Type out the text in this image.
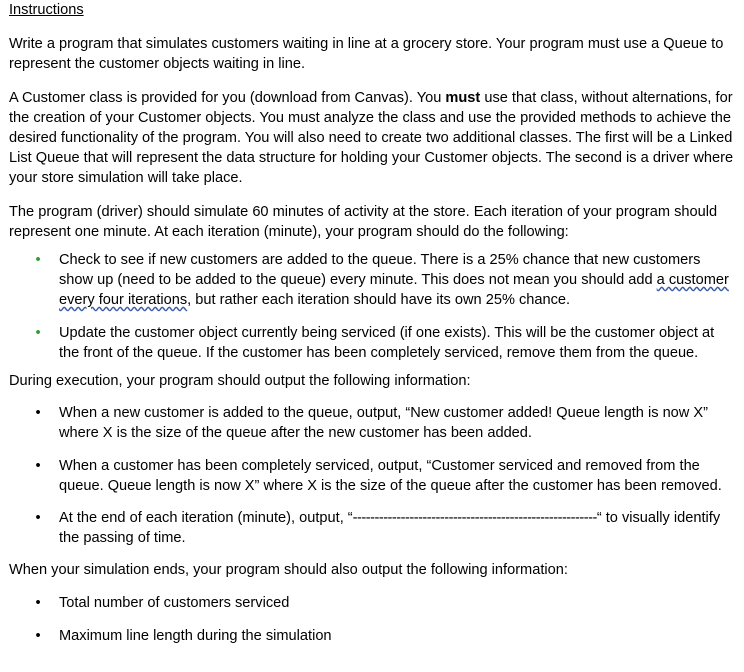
Instructions

Write a program that simulates customers waiting in line at a grocery store. Your program must use a Queue to represent the customer objects waiting in line.

A Customer class is provided for you (download from Canvas). You must use that class, without alternations, for the creation of your Customer objects. You must analyze the class and use the provided methods to achieve the desired functionality of the program. You will also need to create two additional classes. The first will be a Linked List Queue that will represent the data structure for holding your Customer objects. The second is a driver where your store simulation will take place.

The program (driver) should simulate 60 minutes of activity at the store. Each iteration of your program should represent one minute. At each iteration (minute), your program should do the following:

• Check to see if new customers are added to the queue. There is a 25% chance that new customers show up (need to be added to the queue) every minute. This does not mean you should add a customer every four iterations, but rather each iteration should have its own 25% chance.
• Update the customer object currently being serviced (if one exists). This will be the customer object at the front of the queue. If the customer has been completely serviced, remove them from the queue.

During execution, your program should output the following information:

• When a new customer is added to the queue, output, “New customer added! Queue length is now X” where X is the size of the queue after the new customer has been added.
• When a customer has been completely serviced, output, “Customer serviced and removed from the queue. Queue length is now X” where X is the size of the queue after the customer has been removed.
• At the end of each iteration (minute), output, “--------------------------------------------------------“ to visually identify the passing of time.

When your simulation ends, your program should also output the following information:

• Total number of customers serviced
• Maximum line length during the simulation
